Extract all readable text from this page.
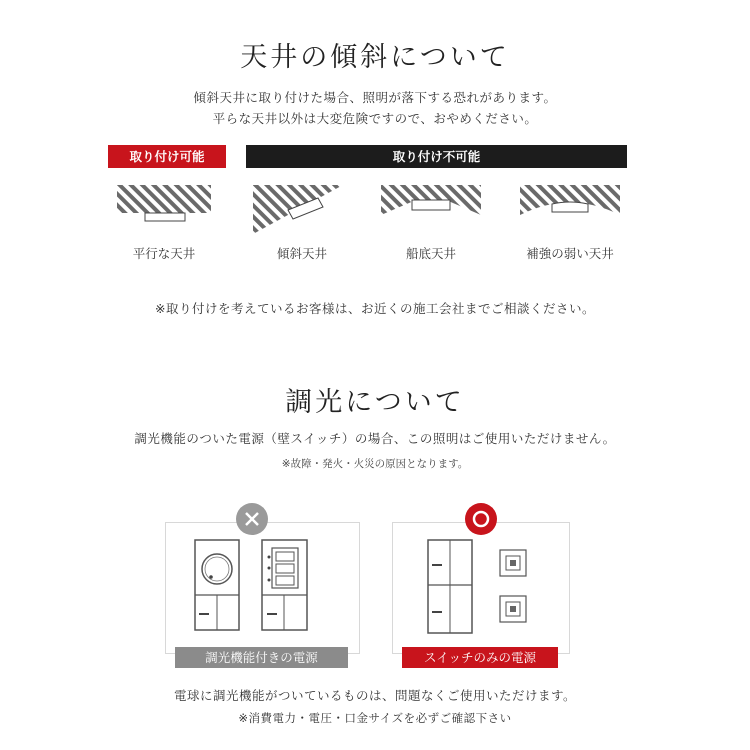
天井の傾斜について
傾斜天井に取り付けた場合、照明が落下する恐れがあります。
平らな天井以外は大変危険ですので、おやめください。
取り付け可能	取り付け不可能
平行な天井	傾斜天井	船底天井	補強の弱い天井
※取り付けを考えているお客様は、お近くの施工会社までご相談ください。
調光について
調光機能のついた電源（壁スイッチ）の場合、この照明はご使用いただけません。
※故障・発火・火災の原因となります。
調光機能付きの電源	スイッチのみの電源
電球に調光機能がついているものは、問題なくご使用いただけます。
※消費電力・電圧・口金サイズを必ずご確認下さい
